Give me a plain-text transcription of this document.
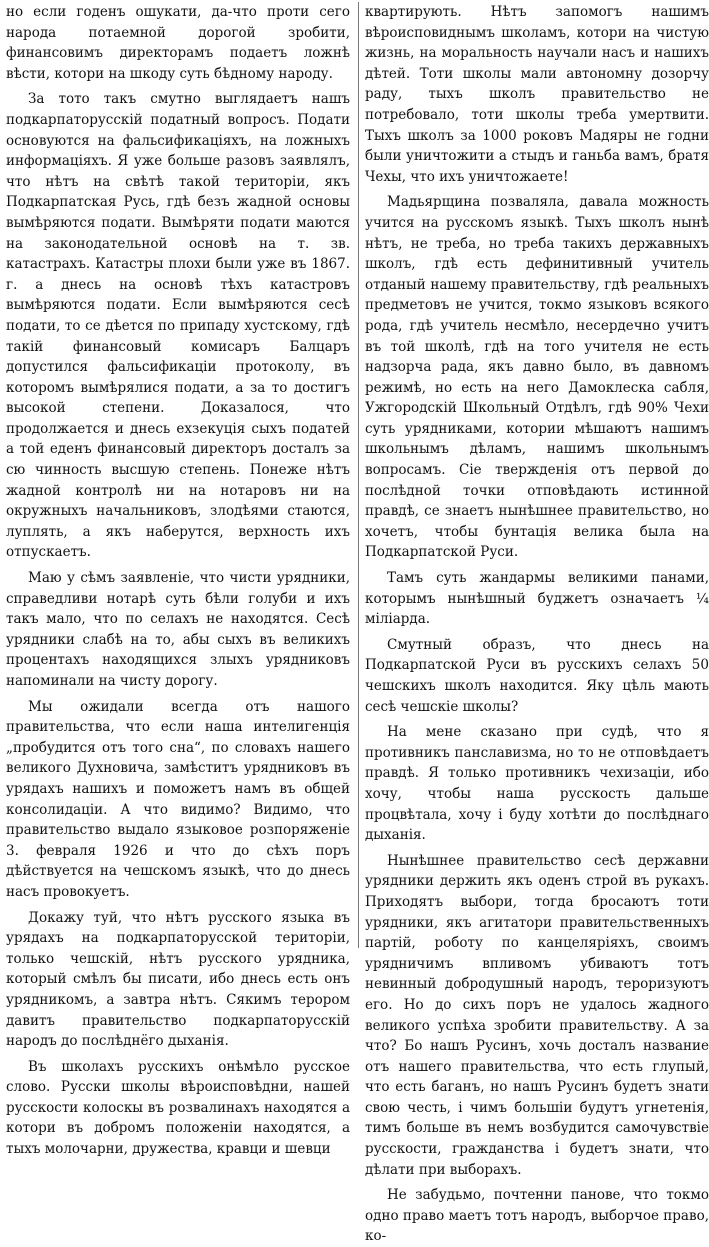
но если годенъ ошукати, да-что проти сего народа потаемной дорогой зробити, финансовимъ директорамъ подаетъ ложнѣ вѣсти, котори на шкоду суть бѣдному народу.

За тото такъ смутно выглядаетъ нашъ подкарпаторусскій податный вопросъ. Подати основуются на фальсификаціяхъ, на ложныхъ информаціяхъ. Я уже больше разовъ заявлялъ, что нѣтъ на свѣтѣ такой територіи, якъ Подкарпатская Русь, гдѣ безъ жадной основы вымѣряются подати. Вымѣряти подати маются на законодательной основѣ на т. зв. катастрахъ. Катастры плохи были уже въ 1867. г. а днесь на основѣ тѣхъ катастровъ вымѣряются подати. Если вымѣряются сесѣ подати, то се дѣется по припаду хустскому, гдѣ такій финансовый комисаръ Балцаръ допустился фальсификаціи протоколу, въ которомъ вымѣрялися подати, а за то достигъ высокой степени. Доказалося, что продолжается и днесь ехзекуція сыхъ податей а той еденъ финансовый директоръ досталъ за сю чинность высшую степень. Понеже нѣтъ жадной контролѣ ни на нотаровъ ни на окружныхъ начальниковъ, злодѣями стаются, луплять, а якъ наберутся, верхность ихъ отпускаетъ.

Маю у сѣмъ заявленіе, что чисти урядники, справедливи нотарѣ суть бѣли голуби и ихъ такъ мало, что по селахъ не находятся. Сесѣ урядники слабѣ на то, абы сыхъ въ великихъ процентахъ находящихся злыхъ урядниковъ напоминали на чисту дорогу.

Мы ожидали всегда отъ нашого правительства, что если наша интелигенція „пробудится отъ того сна“, по словахъ нашего великого Духновича, замѣститъ урядниковъ въ урядахъ нашихъ и поможетъ намъ въ общей консолидаціи. А что видимо? Видимо, что правительство выдало языковое розпоряженіе 3. февраля 1926 и что до сѣхъ поръ дѣйствуется на чешскомъ языкѣ, что до днесь насъ провокуетъ.

Докажу туй, что нѣтъ русского языка въ урядахъ на подкарпаторусской територіи, только чешскій, нѣтъ русского урядника, который смѣлъ бы писати, ибо днесь есть онъ урядникомъ, а завтра нѣтъ. Сякимъ терором давитъ правительство подкарпаторусскій народъ до послѣднёго дыханія.

Въ школахъ русскихъ онѣмѣло русское слово. Русски школы вѣроисповѣдни, нашей русскости колоскы въ розвалинахъ находятся а котори въ добромъ положеніи находятся, а тыхъ молочарни, дружества, кравци и шевци

квартирують. Нѣтъ запомогъ нашимъ вѣроисповиднымъ школамъ, котори на чистую жизнь, на моральность научали насъ и нашихъ дѣтей. Тоти школы мали автономну дозорчу раду, тыхъ школъ правительство не потребовало, тоти школы треба умертвити. Тыхъ школъ за 1000 роковъ Мадяры не годни были уничтожити а стыдъ и ганьба вамъ, братя Чехы, что ихъ уничтожаете!

Мадьярщина позваляла, давала можность учится на русскомъ языкѣ. Тыхъ школъ нынѣ нѣтъ, не треба, но треба такихъ державныхъ школъ, гдѣ есть дефинитивный учитель отданый нашему правительству, гдѣ реальныхъ предметовъ не учится, токмо языковъ всякого рода, гдѣ учитель несмѣло, несердечно учитъ въ той школѣ, гдѣ на того учителя не есть надзорча рада, якъ давно было, въ давномъ режимѣ, но есть на него Дамоклеска сабля, Ужгородскій Школьный Отдѣлъ, гдѣ 90% Чехи суть урядниками, котории мѣшаютъ нашимъ школьнымъ дѣламъ, нашимъ школьнымъ вопросамъ. Сіе твержденія отъ первой до послѣдной точки отповѣдають истинной правдѣ, се знаетъ нынѣшнее правительство, но хочетъ, чтобы бунтація велика была на Подкарпатской Руси.

Тамъ суть жандармы великими панами, которымъ нынѣшный буджетъ означаетъ ¼ міліарда.

Смутный образъ, что днесь на Подкарпатской Руси въ русскихъ селахъ 50 чешскихъ школъ находится. Яку цѣль мають сесѣ чешскіе школы?

На мене сказано при судѣ, что я противникъ панславизма, но то не отповѣдаетъ правдѣ. Я только противникъ чехизаціи, ибо хочу, чтобы наша русскость дальше процвѣтала, хочу і буду хотѣти до послѣднаго дыханія.

Нынѣшнее правительство сесѣ державни урядники держить якъ оденъ строй въ рукахъ. Приходятъ выбори, тогда бросаютъ тоти урядники, якъ агитатори правительственныхъ партій, роботу по канцеляріяхъ, своимъ урядничимъ впливомъ убиваютъ тотъ невинный добродушный народъ, тероризуютъ его. Но до сихъ поръ не удалось жадного великого успѣха зробити правительству. А за что? Бо нашъ Русинъ, хочь досталъ название отъ нашего правительства, что есть глупый, что есть баганъ, но нашъ Русинъ будетъ знати свою честь, і чимъ большіи будутъ угнетенія, тимъ больше въ немъ возбудится самочувствіе русскости, гражданства і будетъ знати, что дѣлати при выборахъ.

Не забудьмо, почтенни панове, что токмо одно право маетъ тотъ народъ, выборчое право, ко-
